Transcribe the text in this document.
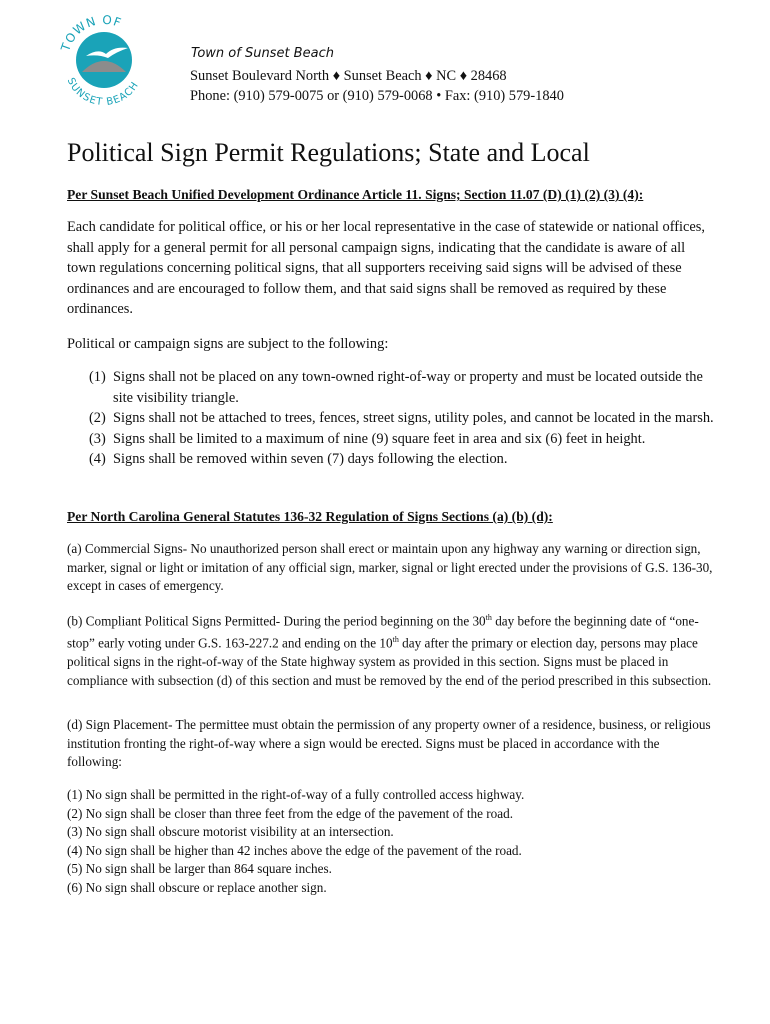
TOWN OF
SUNSET BEACH

Town of Sunset Beach

Sunset Boulevard North ♦ Sunset Beach ♦ NC ♦ 28468

Phone: (910) 579-0075 or (910) 579-0068 • Fax: (910) 579-1840

Political Sign Permit Regulations; State and Local

Per Sunset Beach Unified Development Ordinance Article 11. Signs; Section 11.07 (D) (1) (2) (3) (4):

Each candidate for political office, or his or her local representative in the case of statewide or national offices, shall apply for a general permit for all personal campaign signs, indicating that the candidate is aware of all town regulations concerning political signs, that all supporters receiving said signs will be advised of these ordinances and are encouraged to follow them, and that said signs shall be removed as required by these ordinances.

Political or campaign signs are subject to the following:

(1) Signs shall not be placed on any town-owned right-of-way or property and must be located outside the site visibility triangle.
(2) Signs shall not be attached to trees, fences, street signs, utility poles, and cannot be located in the marsh.
(3) Signs shall be limited to a maximum of nine (9) square feet in area and six (6) feet in height.
(4) Signs shall be removed within seven (7) days following the election.

Per North Carolina General Statutes 136-32 Regulation of Signs Sections (a) (b) (d):

(a) Commercial Signs- No unauthorized person shall erect or maintain upon any highway any warning or direction sign, marker, signal or light or imitation of any official sign, marker, signal or light erected under the provisions of G.S. 136-30, except in cases of emergency.

(b) Compliant Political Signs Permitted- During the period beginning on the 30th day before the beginning date of “one-stop” early voting under G.S. 163-227.2 and ending on the 10th day after the primary or election day, persons may place political signs in the right-of-way of the State highway system as provided in this section. Signs must be placed in compliance with subsection (d) of this section and must be removed by the end of the period prescribed in this subsection.

(d) Sign Placement- The permittee must obtain the permission of any property owner of a residence, business, or religious institution fronting the right-of-way where a sign would be erected. Signs must be placed in accordance with the following:

(1) No sign shall be permitted in the right-of-way of a fully controlled access highway.
(2) No sign shall be closer than three feet from the edge of the pavement of the road.
(3) No sign shall obscure motorist visibility at an intersection.
(4) No sign shall be higher than 42 inches above the edge of the pavement of the road.
(5) No sign shall be larger than 864 square inches.
(6) No sign shall obscure or replace another sign.
